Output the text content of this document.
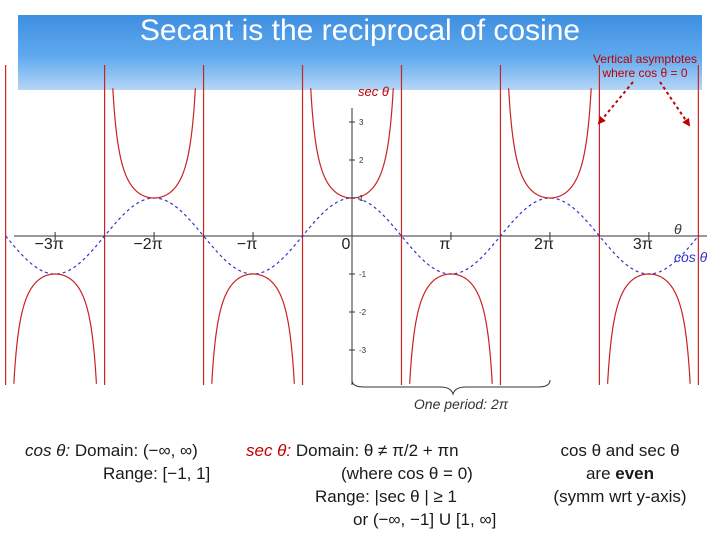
Secant is the reciprocal of cosine
−3π	−2π	−π	0	π	2π	3π
3
2
1
-1
-2
-3
sec θ
θ
cos θ
One period: 2π
Vertical asymptotes where cos θ = 0
cos θ: Domain: (−∞, ∞)
Range: [−1, 1]
sec θ: Domain: θ ≠ π/2 + πn
(where cos θ = 0)
Range: |sec θ | ≥ 1
or (−∞, −1] U [1, ∞]
cos θ and sec θ
are even
(symm wrt y-axis)
